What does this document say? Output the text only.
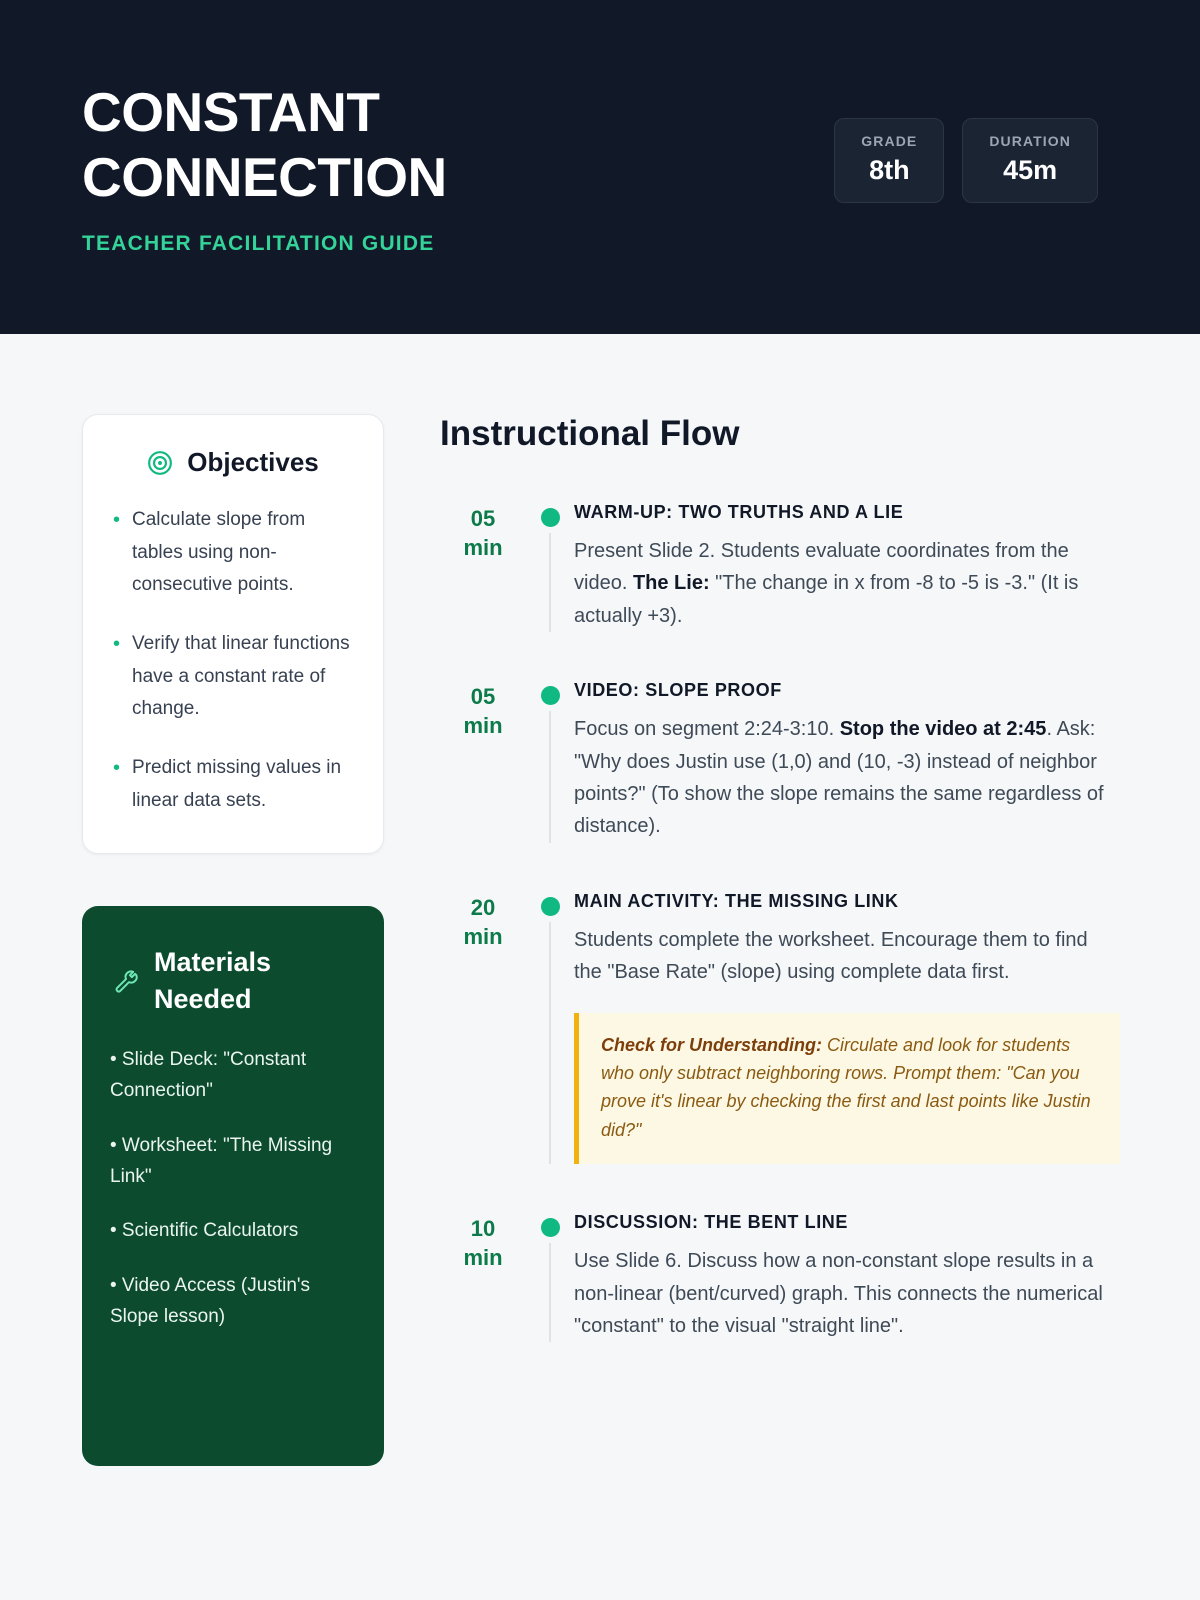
CONSTANT CONNECTION
TEACHER FACILITATION GUIDE
GRADE
8th
DURATION
45m
Objectives
• Calculate slope from tables using non-consecutive points.
• Verify that linear functions have a constant rate of change.
• Predict missing values in linear data sets.
Materials Needed
• Slide Deck: "Constant Connection"
• Worksheet: "The Missing Link"
• Scientific Calculators
• Video Access (Justin's Slope lesson)
Instructional Flow
05
min
WARM-UP: TWO TRUTHS AND A LIE
Present Slide 2. Students evaluate coordinates from the video. The Lie: "The change in x from -8 to -5 is -3." (It is actually +3).
05
min
VIDEO: SLOPE PROOF
Focus on segment 2:24-3:10. Stop the video at 2:45. Ask: "Why does Justin use (1,0) and (10, -3) instead of neighbor points?" (To show the slope remains the same regardless of distance).
20
min
MAIN ACTIVITY: THE MISSING LINK
Students complete the worksheet. Encourage them to find the "Base Rate" (slope) using complete data first.
Check for Understanding: Circulate and look for students who only subtract neighboring rows. Prompt them: "Can you prove it's linear by checking the first and last points like Justin did?"
10
min
DISCUSSION: THE BENT LINE
Use Slide 6. Discuss how a non-constant slope results in a non-linear (bent/curved) graph. This connects the numerical "constant" to the visual "straight line".
